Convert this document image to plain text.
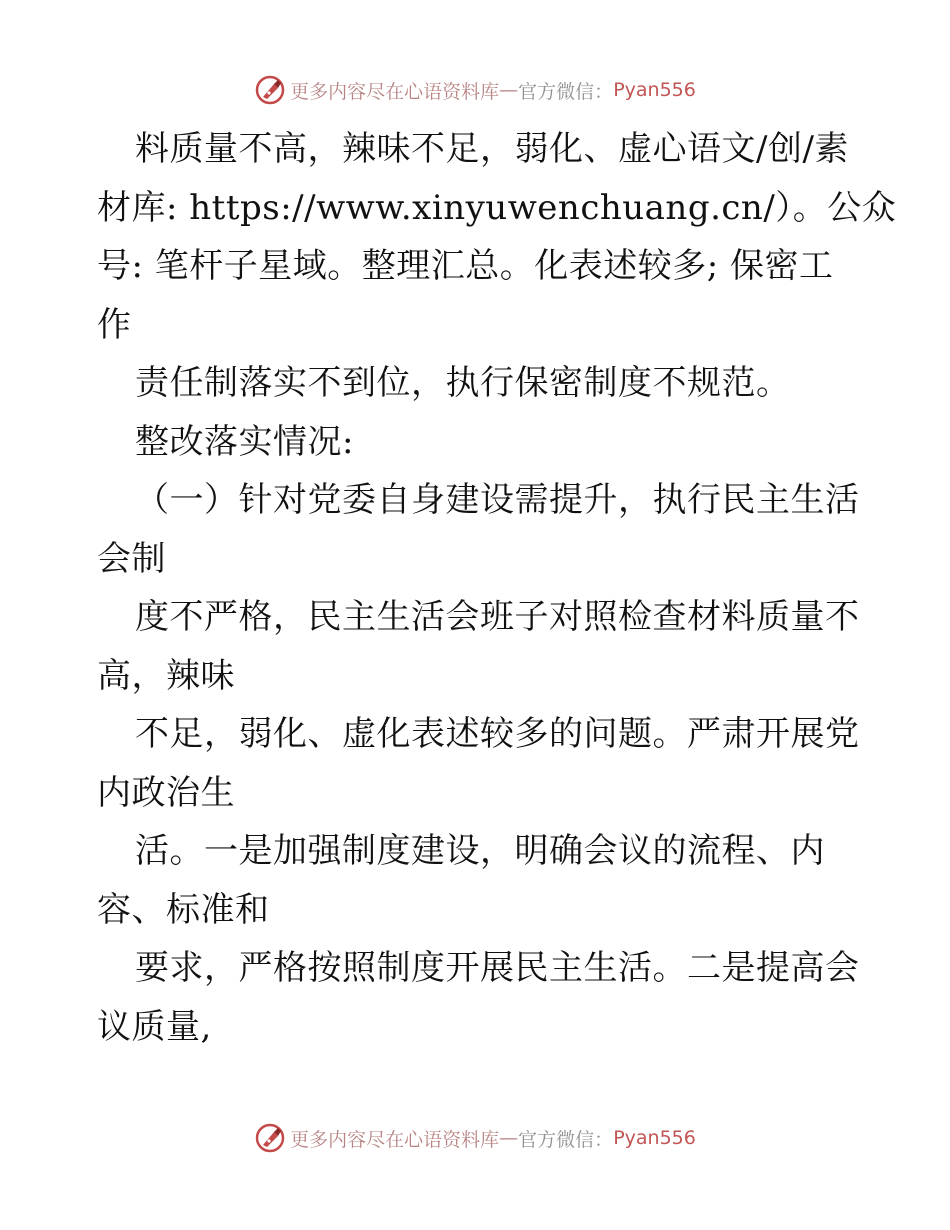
更多内容尽在心语资料库 — 官方微信： Pyan556
料质量不高，辣味不足，弱化、虚心语文/创/素
材库: https://www.xinyuwenchuang.cn/）。公众
号: 笔杆子星域。整理汇总。化表述较多; 保密工
作
责任制落实不到位，执行保密制度不规范。
整改落实情况:
（一）针对党委自身建设需提升，执行民主生活
会制
度不严格，民主生活会班子对照检查材料质量不
高，辣味
不足，弱化、虚化表述较多的问题。严肃开展党
内政治生
活。一是加强制度建设，明确会议的流程、内
容、标准和
要求，严格按照制度开展民主生活。二是提高会
议质量,
更多内容尽在心语资料库 — 官方微信： Pyan556
